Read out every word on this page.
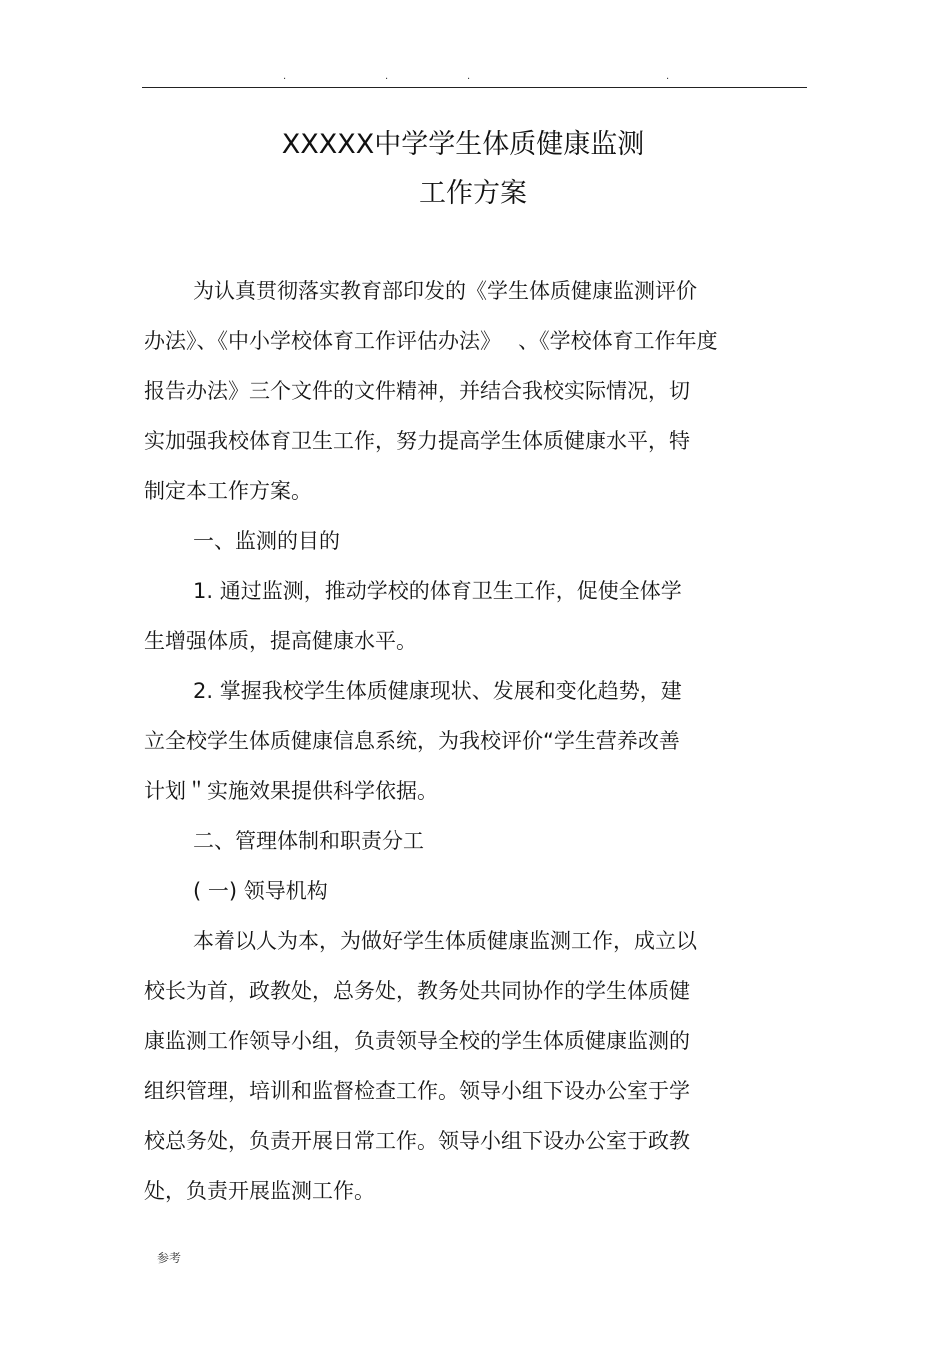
.	.	.	.
XXXXX中学学生体质健康监测
工作方案
为认真贯彻落实教育部印发的《学生体质健康监测评价
办法》、《中小学校体育工作评估办法》　 、《学校体育工作年度
报告办法》三个文件的文件精神，并结合我校实际情况，切
实加强我校体育卫生工作，努力提高学生体质健康水平，特
制定本工作方案。
一、监测的目的
1. 通过监测，推动学校的体育卫生工作，促使全体学
生增强体质，提高健康水平。
2. 掌握我校学生体质健康现状、发展和变化趋势，建
立全校学生体质健康信息系统，为我校评价“学生营养改善
计划＂实施效果提供科学依据。
二、管理体制和职责分工
( 一) 领导机构
本着以人为本，为做好学生体质健康监测工作，成立以
校长为首，政教处，总务处，教务处共同协作的学生体质健
康监测工作领导小组，负责领导全校的学生体质健康监测的
组织管理，培训和监督检查工作。领导小组下设办公室于学
校总务处，负责开展日常工作。领导小组下设办公室于政教
处，负责开展监测工作。
参考
